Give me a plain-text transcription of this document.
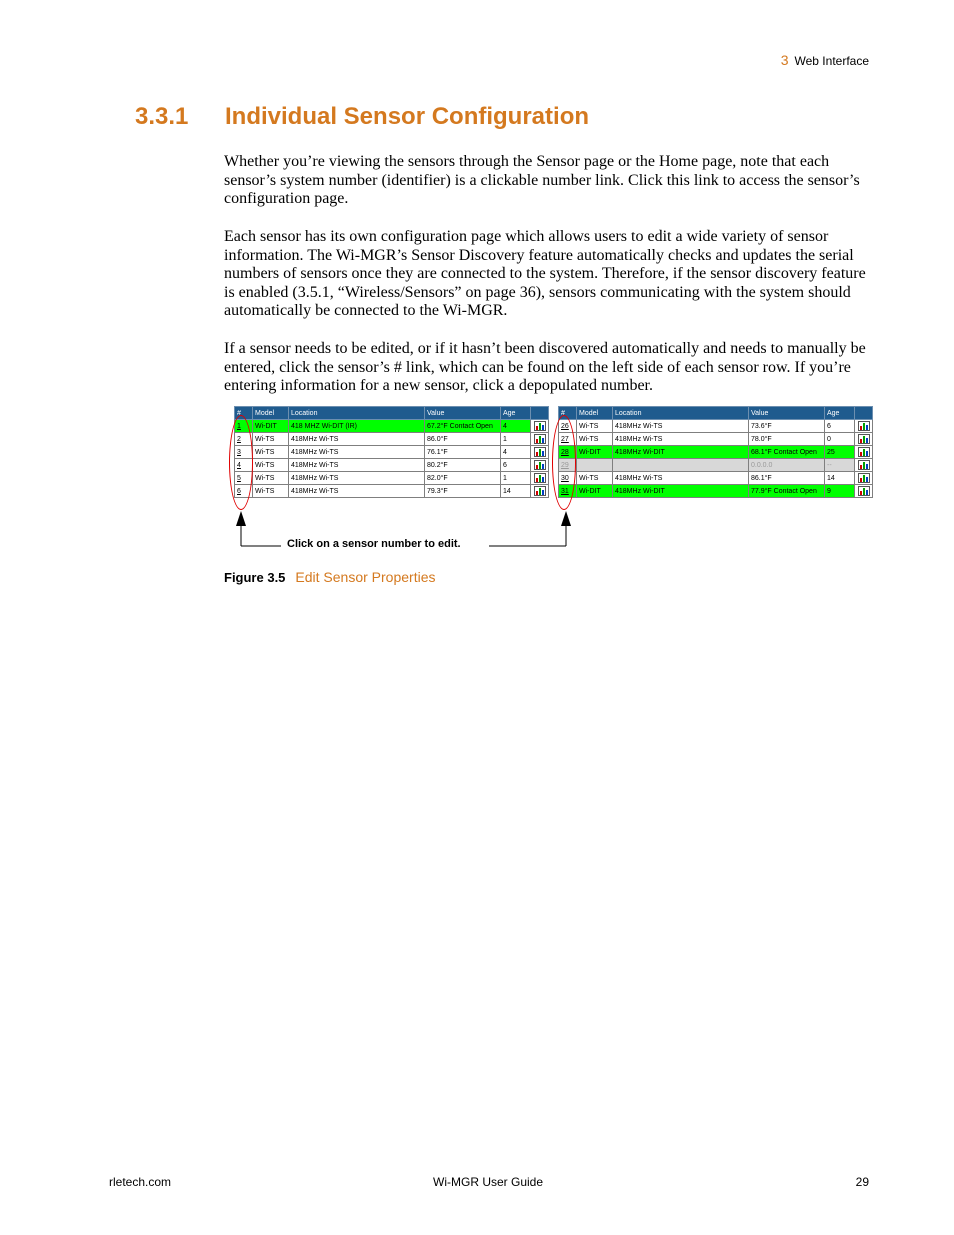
3 Web Interface
3.3.1 Individual Sensor Configuration

Whether you’re viewing the sensors through the Sensor page or the Home page, note that each sensor’s system number (identifier) is a clickable number link. Click this link to access the sensor’s configuration page.

Each sensor has its own configuration page which allows users to edit a wide variety of sensor information. The Wi-MGR’s Sensor Discovery feature automatically checks and updates the serial numbers of sensors once they are connected to the system. Therefore, if the sensor discovery feature is enabled (3.5.1, “Wireless/Sensors” on page 36), sensors communicating with the system should automatically be connected to the Wi-MGR.

If a sensor needs to be edited, or if it hasn’t been discovered automatically and needs to manually be entered, click the sensor’s # link, which can be found on the left side of each sensor row. If you’re entering information for a new sensor, click a depopulated number.

#	Model	Location	Value	Age	
1	Wi-DIT	418 MHZ Wi-DIT (IR)	67.2°F Contact Open	4	
2	Wi-TS	418MHz Wi-TS	86.0°F	1	
3	Wi-TS	418MHz Wi-TS	76.1°F	4	
4	Wi-TS	418MHz Wi-TS	80.2°F	6	
5	Wi-TS	418MHz Wi-TS	82.0°F	1	
6	Wi-TS	418MHz Wi-TS	79.3°F	14	
#	Model	Location	Value	Age	
26	Wi-TS	418MHz Wi-TS	73.6°F	6	
27	Wi-TS	418MHz Wi-TS	78.0°F	0	
28	Wi-DIT	418MHz Wi-DIT	68.1°F Contact Open	25	
29			0.0.0.0	--	
30	Wi-TS	418MHz Wi-TS	86.1°F	14	
31	Wi-DIT	418MHz Wi-DIT	77.9°F Contact Open	9	
Click on a sensor number to edit.
Figure 3.5 Edit Sensor Properties
rletech.com	Wi-MGR User Guide	29
